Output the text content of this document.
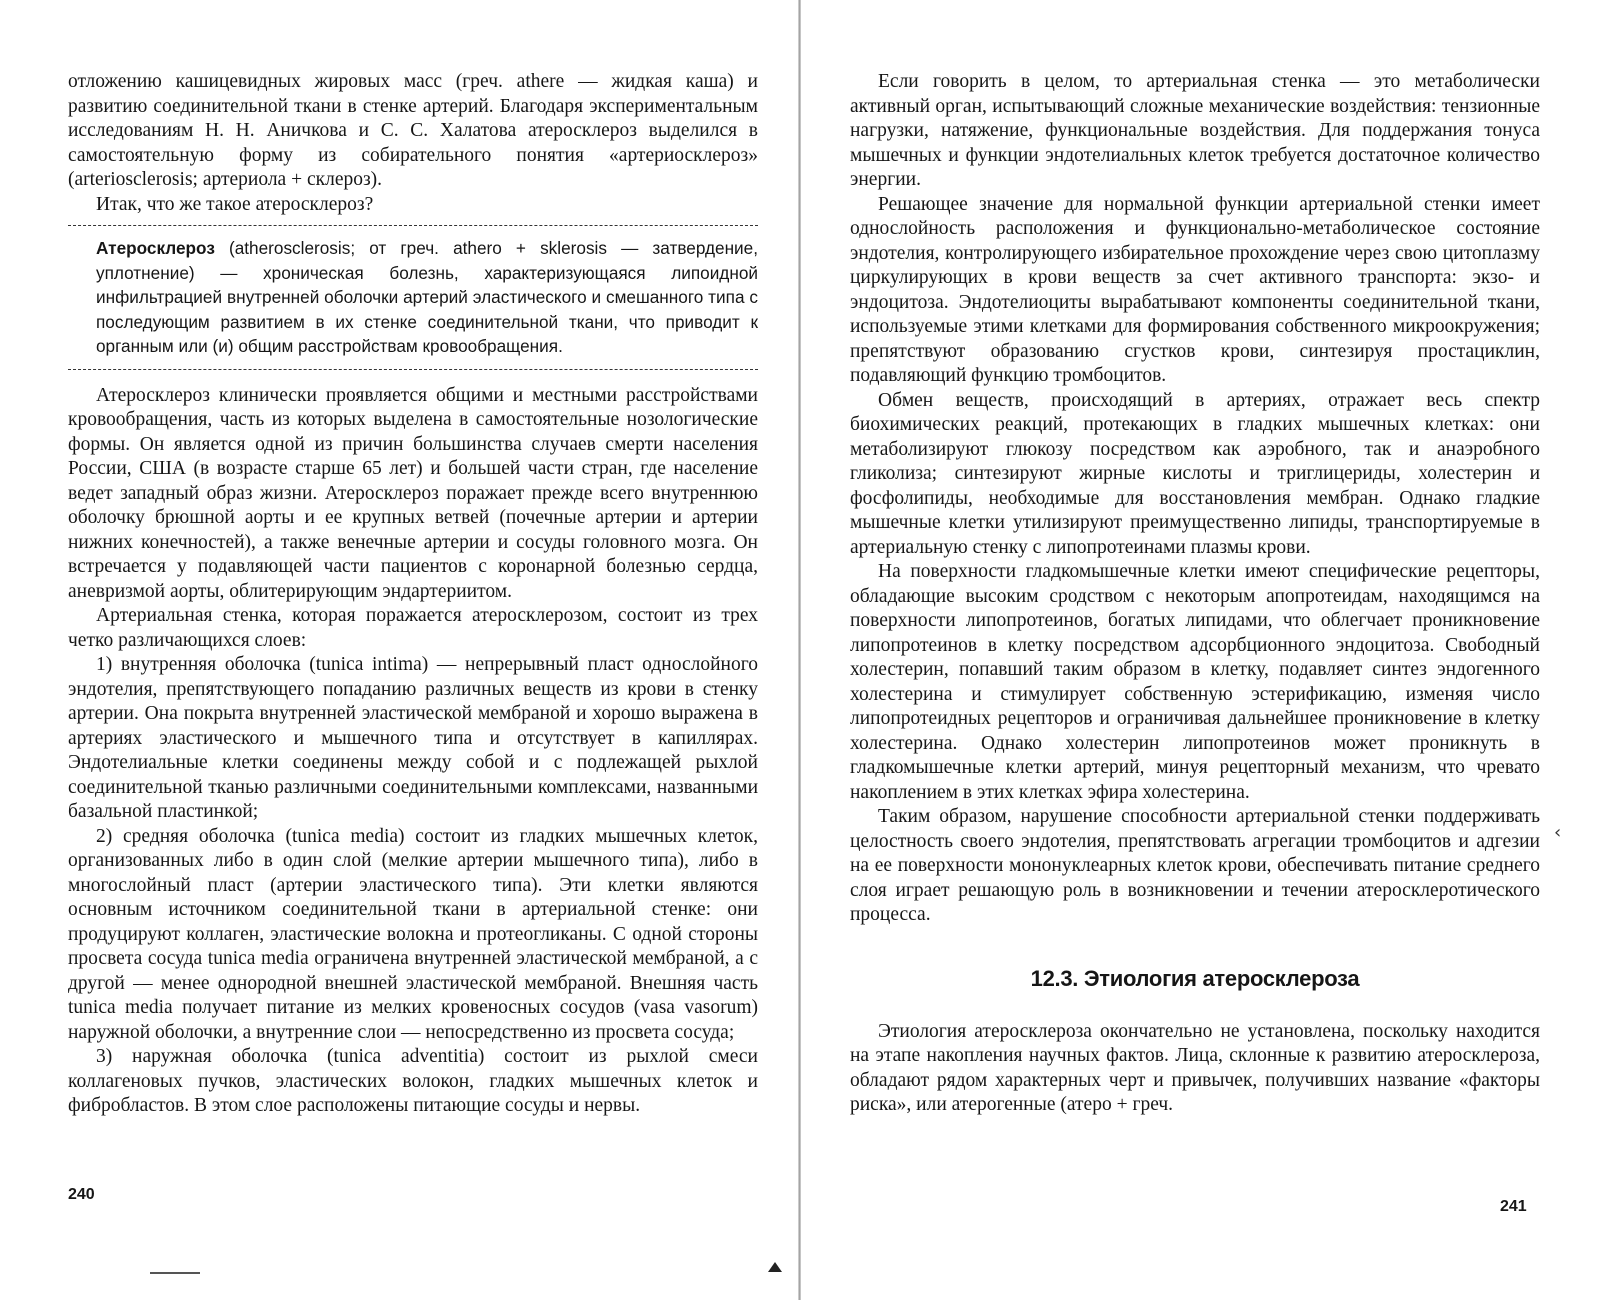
отложению кашицевидных жировых масс (греч. athere — жидкая каша) и развитию соединительной ткани в стенке артерий. Благодаря экспериментальным исследованиям Н. Н. Аничкова и С. С. Халатова атеросклероз выделился в самостоятельную форму из собирательного понятия «артериосклероз» (arteriosclerosis; артериола + склероз).

Итак, что же такое атеросклероз?

Атеросклероз (atherosclerosis; от греч. athero + sklerosis — затвердение, уплотнение) — хроническая болезнь, характеризующаяся липоидной инфильтрацией внутренней оболочки артерий эластического и смешанного типа с последующим развитием в их стенке соединительной ткани, что приводит к органным или (и) общим расстройствам кровообращения.

Атеросклероз клинически проявляется общими и местными расстройствами кровообращения, часть из которых выделена в самостоятельные нозологические формы. Он является одной из причин большинства случаев смерти населения России, США (в возрасте старше 65 лет) и большей части стран, где население ведет западный образ жизни. Атеросклероз поражает прежде всего внутреннюю оболочку брюшной аорты и ее крупных ветвей (почечные артерии и артерии нижних конечностей), а также венечные артерии и сосуды головного мозга. Он встречается у подавляющей части пациентов с коронарной болезнью сердца, аневризмой аорты, облитерирующим эндартериитом.

Артериальная стенка, которая поражается атеросклерозом, состоит из трех четко различающихся слоев:

1) внутренняя оболочка (tunica intima) — непрерывный пласт однослойного эндотелия, препятствующего попаданию различных веществ из крови в стенку артерии. Она покрыта внутренней эластической мембраной и хорошо выражена в артериях эластического и мышечного типа и отсутствует в капиллярах. Эндотелиальные клетки соединены между собой и с подлежащей рыхлой соединительной тканью различными соединительными комплексами, названными базальной пластинкой;

2) средняя оболочка (tunica media) состоит из гладких мышечных клеток, организованных либо в один слой (мелкие артерии мышечного типа), либо в многослойный пласт (артерии эластического типа). Эти клетки являются основным источником соединительной ткани в артериальной стенке: они продуцируют коллаген, эластические волокна и протеогликаны. С одной стороны просвета сосуда tunica media ограничена внутренней эластической мембраной, а с другой — менее однородной внешней эластической мембраной. Внешняя часть tunica media получает питание из мелких кровеносных сосудов (vasa vasorum) наружной оболочки, а внутренние слои — непосредственно из просвета сосуда;

3) наружная оболочка (tunica adventitia) состоит из рыхлой смеси коллагеновых пучков, эластических волокон, гладких мышечных клеток и фибробластов. В этом слое расположены питающие сосуды и нервы.

240

Если говорить в целом, то артериальная стенка — это метаболически активный орган, испытывающий сложные механические воздействия: тензионные нагрузки, натяжение, функциональные воздействия. Для поддержания тонуса мышечных и функции эндотелиальных клеток требуется достаточное количество энергии.

Решающее значение для нормальной функции артериальной стенки имеет однослойность расположения и функционально-метаболическое состояние эндотелия, контролирующего избирательное прохождение через свою цитоплазму циркулирующих в крови веществ за счет активного транспорта: экзо- и эндоцитоза. Эндотелиоциты вырабатывают компоненты соединительной ткани, используемые этими клетками для формирования собственного микроокружения; препятствуют образованию сгустков крови, синтезируя простациклин, подавляющий функцию тромбоцитов.

Обмен веществ, происходящий в артериях, отражает весь спектр биохимических реакций, протекающих в гладких мышечных клетках: они метаболизируют глюкозу посредством как аэробного, так и анаэробного гликолиза; синтезируют жирные кислоты и триглицериды, холестерин и фосфолипиды, необходимые для восстановления мембран. Однако гладкие мышечные клетки утилизируют преимущественно липиды, транспортируемые в артериальную стенку с липопротеинами плазмы крови.

На поверхности гладкомышечные клетки имеют специфические рецепторы, обладающие высоким сродством с некоторым апопротеидам, находящимся на поверхности липопротеинов, богатых липидами, что облегчает проникновение липопротеинов в клетку посредством адсорбционного эндоцитоза. Свободный холестерин, попавший таким образом в клетку, подавляет синтез эндогенного холестерина и стимулирует собственную эстерификацию, изменяя число липопротеидных рецепторов и ограничивая дальнейшее проникновение в клетку холестерина. Однако холестерин липопротеинов может проникнуть в гладкомышечные клетки артерий, минуя рецепторный механизм, что чревато накоплением в этих клетках эфира холестерина.

Таким образом, нарушение способности артериальной стенки поддерживать целостность своего эндотелия, препятствовать агрегации тромбоцитов и адгезии на ее поверхности мононуклеарных клеток крови, обеспечивать питание среднего слоя играет решающую роль в возникновении и течении атеросклеротического процесса.

12.3. Этиология атеросклероза

Этиология атеросклероза окончательно не установлена, поскольку находится на этапе накопления научных фактов. Лица, склонные к развитию атеросклероза, обладают рядом характерных черт и привычек, получивших название «факторы риска», или атерогенные (атеро + греч.

241
‹
